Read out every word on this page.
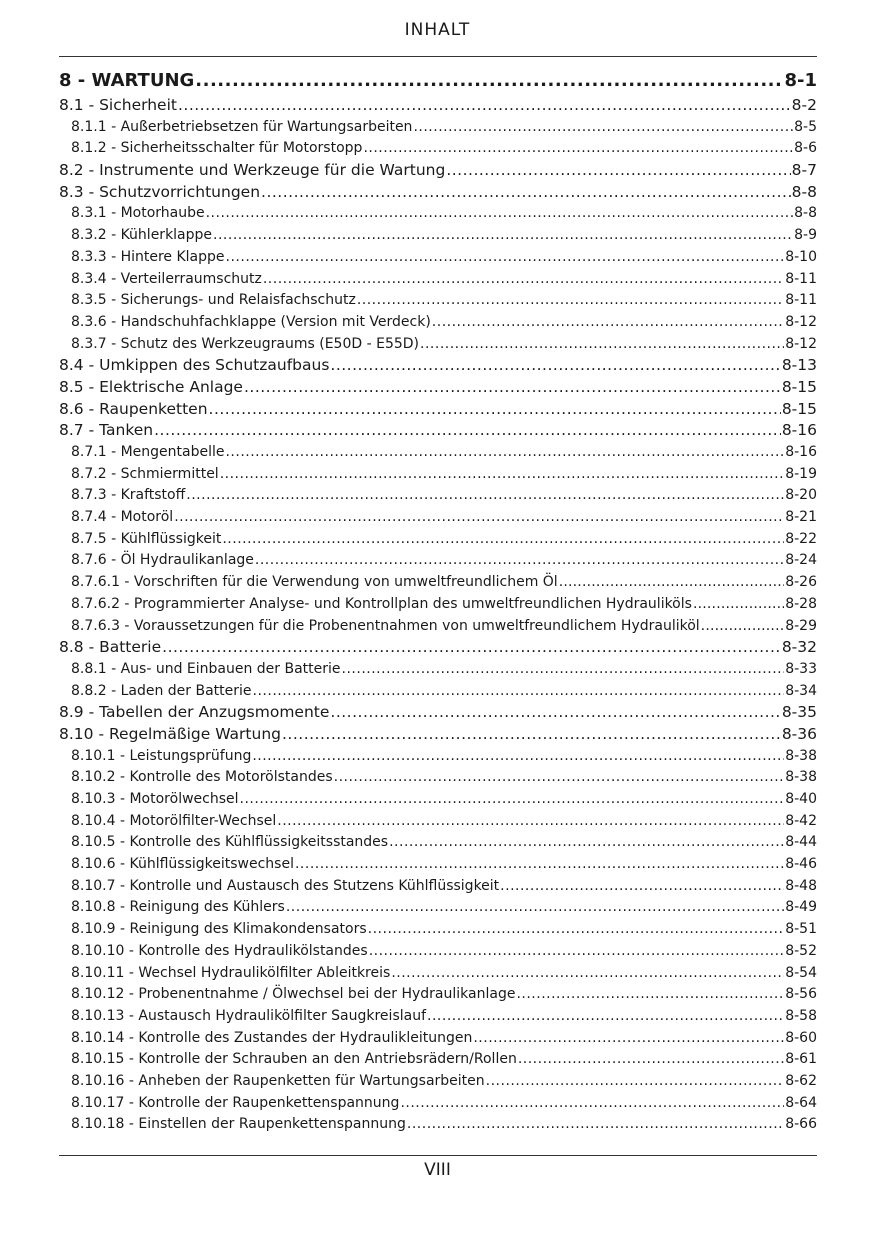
INHALT
8 - WARTUNG .....	8-1
8.1 - Sicherheit .....	8-2
8.1.1 - Außerbetriebsetzen für Wartungsarbeiten .....	8-5
8.1.2 - Sicherheitsschalter für Motorstopp .....	8-6
8.2 - Instrumente und Werkzeuge für die Wartung .....	8-7
8.3 - Schutzvorrichtungen .....	8-8
8.3.1 - Motorhaube .....	8-8
8.3.2 - Kühlerklappe .....	8-9
8.3.3 - Hintere Klappe .....	8-10
8.3.4 - Verteilerraumschutz .....	8-11
8.3.5 - Sicherungs- und Relaisfachschutz .....	8-11
8.3.6 - Handschuhfachklappe (Version mit Verdeck) .....	8-12
8.3.7 - Schutz des Werkzeugraums (E50D - E55D) .....	8-12
8.4 - Umkippen des Schutzaufbaus .....	8-13
8.5 - Elektrische Anlage .....	8-15
8.6 - Raupenketten .....	8-15
8.7 - Tanken .....	8-16
8.7.1 - Mengentabelle .....	8-16
8.7.2 - Schmiermittel .....	8-19
8.7.3 - Kraftstoff .....	8-20
8.7.4 - Motoröl .....	8-21
8.7.5 - Kühlflüssigkeit .....	8-22
8.7.6 - Öl Hydraulikanlage .....	8-24
8.7.6.1 - Vorschriften für die Verwendung von umweltfreundlichem Öl .....	8-26
8.7.6.2 - Programmierter Analyse- und Kontrollplan des umweltfreundlichen Hydrauliköls .....	8-28
8.7.6.3 - Voraussetzungen für die Probenentnahmen von umweltfreundlichem Hydrauliköl .....	8-29
8.8 - Batterie .....	8-32
8.8.1 - Aus- und Einbauen der Batterie .....	8-33
8.8.2 - Laden der Batterie .....	8-34
8.9 - Tabellen der Anzugsmomente .....	8-35
8.10 - Regelmäßige Wartung .....	8-36
8.10.1 - Leistungsprüfung .....	8-38
8.10.2 - Kontrolle des Motorölstandes .....	8-38
8.10.3 - Motorölwechsel .....	8-40
8.10.4 - Motorölfilter-Wechsel .....	8-42
8.10.5 - Kontrolle des Kühlflüssigkeitsstandes .....	8-44
8.10.6 - Kühlflüssigkeitswechsel .....	8-46
8.10.7 - Kontrolle und Austausch des Stutzens Kühlflüssigkeit .....	8-48
8.10.8 - Reinigung des Kühlers .....	8-49
8.10.9 - Reinigung des Klimakondensators .....	8-51
8.10.10 - Kontrolle des Hydraulikölstandes .....	8-52
8.10.11 - Wechsel Hydraulikölfilter Ableitkreis .....	8-54
8.10.12 - Probenentnahme / Ölwechsel bei der Hydraulikanlage .....	8-56
8.10.13 - Austausch Hydraulikölfilter Saugkreislauf .....	8-58
8.10.14 - Kontrolle des Zustandes der Hydraulikleitungen .....	8-60
8.10.15 - Kontrolle der Schrauben an den Antriebsrädern/Rollen .....	8-61
8.10.16 - Anheben der Raupenketten für Wartungsarbeiten .....	8-62
8.10.17 - Kontrolle der Raupenkettenspannung .....	8-64
8.10.18 - Einstellen der Raupenkettenspannung .....	8-66
VIII
